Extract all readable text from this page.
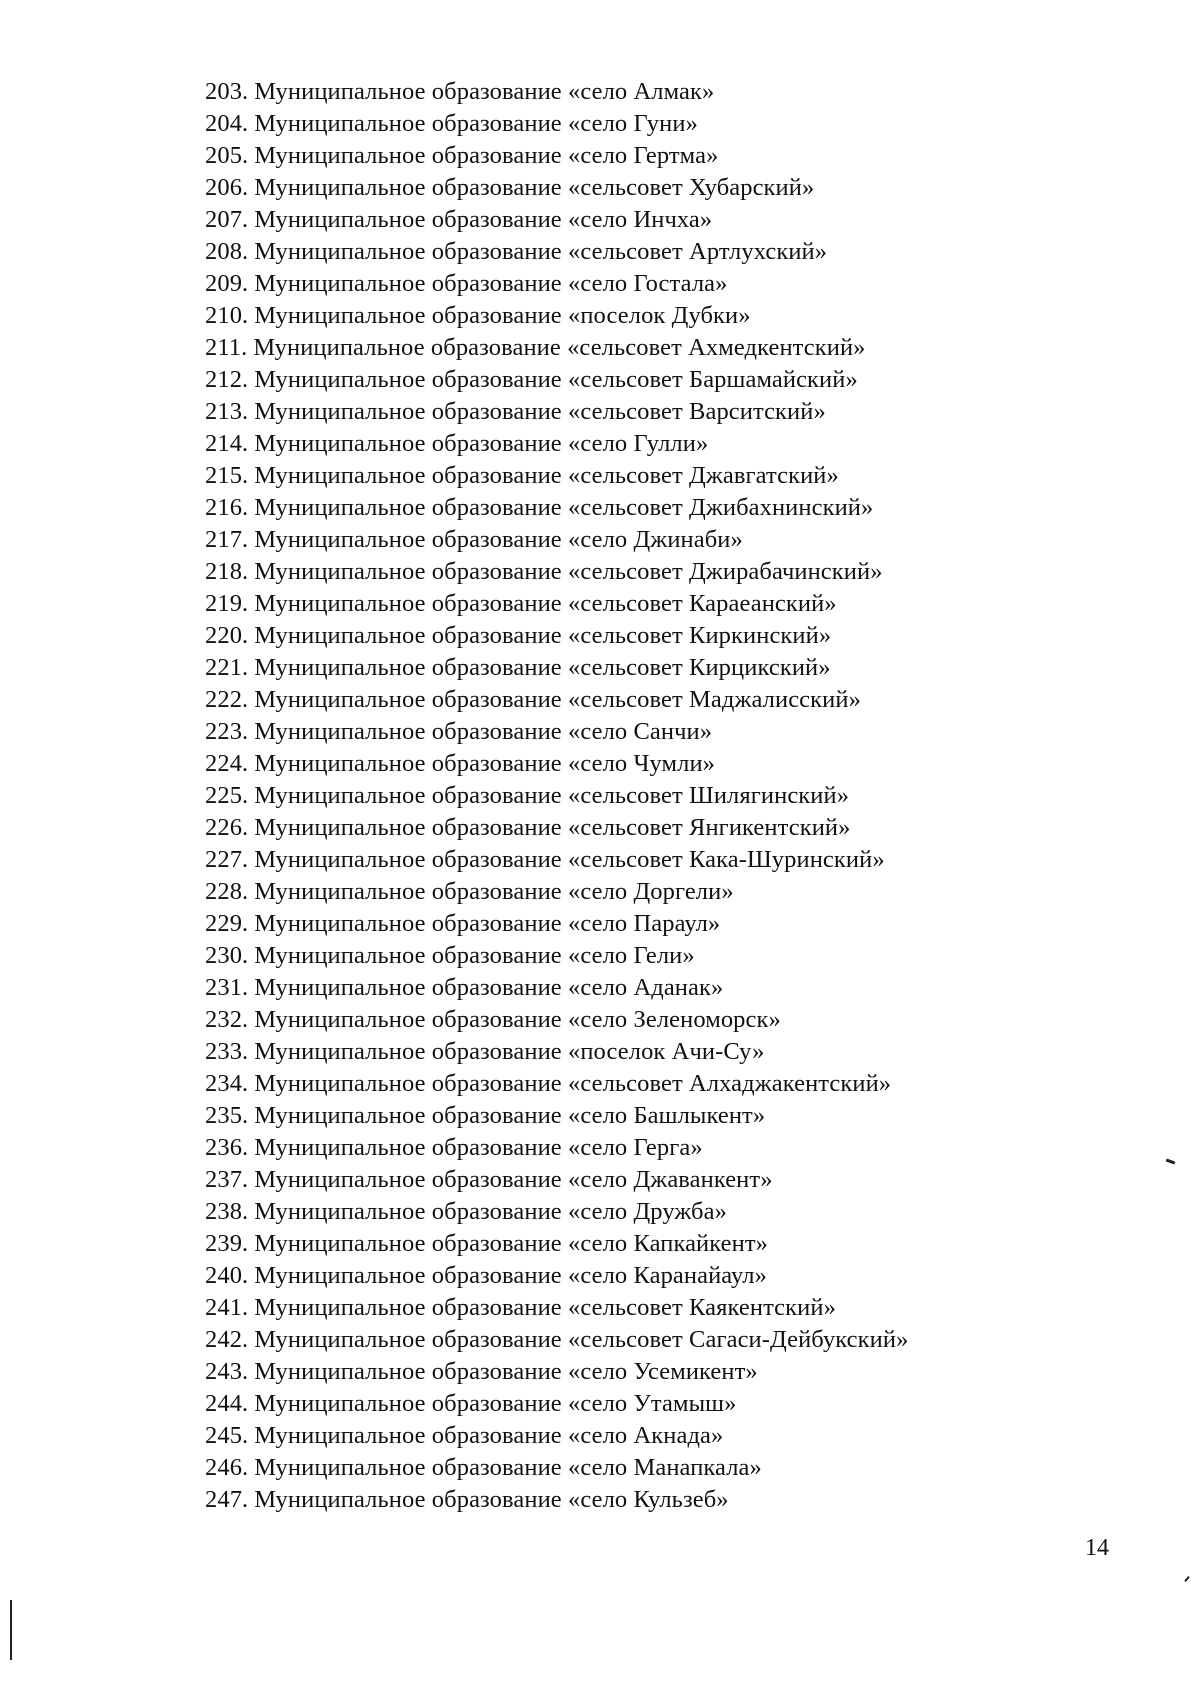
203. Муниципальное образование «село Алмак»
204. Муниципальное образование «село Гуни»
205. Муниципальное образование «село Гертма»
206. Муниципальное образование «сельсовет Хубарский»
207. Муниципальное образование «село Инчха»
208. Муниципальное образование «сельсовет Артлухский»
209. Муниципальное образование «село Гостала»
210. Муниципальное образование «поселок Дубки»
211. Муниципальное образование «сельсовет Ахмедкентский»
212. Муниципальное образование «сельсовет Баршамайский»
213. Муниципальное образование «сельсовет Варситский»
214. Муниципальное образование «село Гулли»
215. Муниципальное образование «сельсовет Джавгатский»
216. Муниципальное образование «сельсовет Джибахнинский»
217. Муниципальное образование «село Джинаби»
218. Муниципальное образование «сельсовет Джирабачинский»
219. Муниципальное образование «сельсовет Караеанский»
220. Муниципальное образование «сельсовет Киркинский»
221. Муниципальное образование «сельсовет Кирцикский»
222. Муниципальное образование «сельсовет Маджалисский»
223. Муниципальное образование «село Санчи»
224. Муниципальное образование «село Чумли»
225. Муниципальное образование «сельсовет Шилягинский»
226. Муниципальное образование «сельсовет Янгикентский»
227. Муниципальное образование «сельсовет Кака-Шуринский»
228. Муниципальное образование «село Доргели»
229. Муниципальное образование «село Параул»
230. Муниципальное образование «село Гели»
231. Муниципальное образование «село Аданак»
232. Муниципальное образование «село Зеленоморск»
233. Муниципальное образование «поселок Ачи-Су»
234. Муниципальное образование «сельсовет Алхаджакентский»
235. Муниципальное образование «село Башлыкент»
236. Муниципальное образование «село Герга»
237. Муниципальное образование «село Джаванкент»
238. Муниципальное образование «село Дружба»
239. Муниципальное образование «село Капкайкент»
240. Муниципальное образование «село Каранайаул»
241. Муниципальное образование «сельсовет Каякентский»
242. Муниципальное образование «сельсовет Сагаси-Дейбукский»
243. Муниципальное образование «село Усемикент»
244. Муниципальное образование «село Утамыш»
245. Муниципальное образование «село Акнада»
246. Муниципальное образование «село Манапкала»
247. Муниципальное образование «село Кульзеб»
14
